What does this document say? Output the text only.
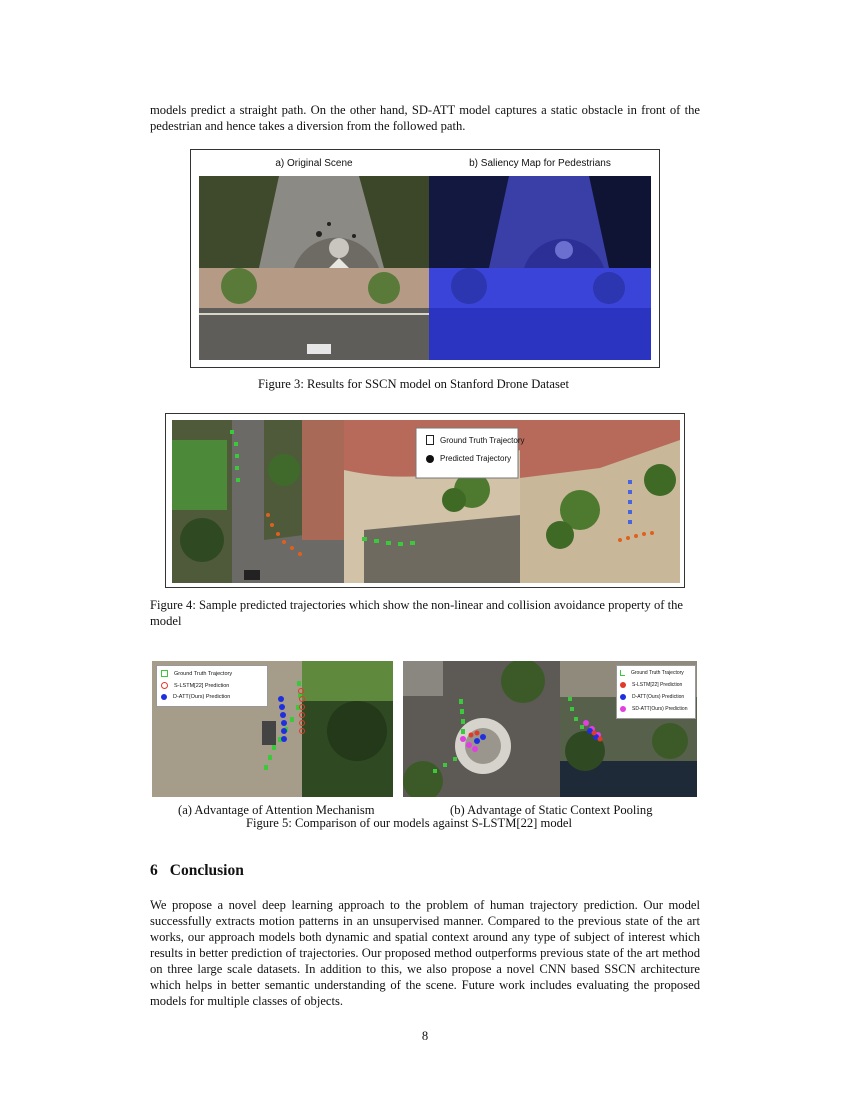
models predict a straight path. On the other hand, SD-ATT model captures a static obstacle in front of the pedestrian and hence takes a diversion from the followed path.

a) Original Scene	b) Saliency Map for Pedestrians

Figure 3: Results for SSCN model on Stanford Drone Dataset

Ground Truth Trajectory
Predicted Trajectory

Figure 4: Sample predicted trajectories which show the non-linear and collision avoidance property of the model

Ground Truth Trajectory
S-LSTM[22] Prediction
D-ATT(Ours) Prediction
Ground Truth Trajectory
S-LSTM[22] Prediction
D-ATT(Ours) Prediction
SD-ATT(Ours) Prediction

(a) Advantage of Attention Mechanism	(b) Advantage of Static Context Pooling

Figure 5: Comparison of our models against S-LSTM[22] model

6 Conclusion

We propose a novel deep learning approach to the problem of human trajectory prediction. Our model successfully extracts motion patterns in an unsupervised manner. Compared to the previous state of the art works, our approach models both dynamic and spatial context around any type of subject of interest which results in better prediction of trajectories. Our proposed method outperforms previous state of the art method on three large scale datasets. In addition to this, we also propose a novel CNN based SSCN architecture which helps in better semantic understanding of the scene. Future work includes evaluating the proposed models for multiple classes of objects.

8
